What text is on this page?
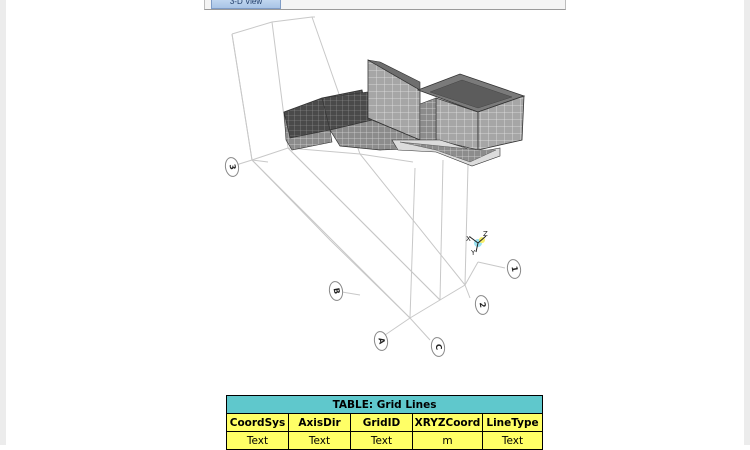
3-D View
X
Z
Y
3
B
A
C
2
1
TABLE: Grid Lines				
CoordSys	AxisDir	GridID	XRYZCoord	LineType
Text	Text	Text	m	Text
